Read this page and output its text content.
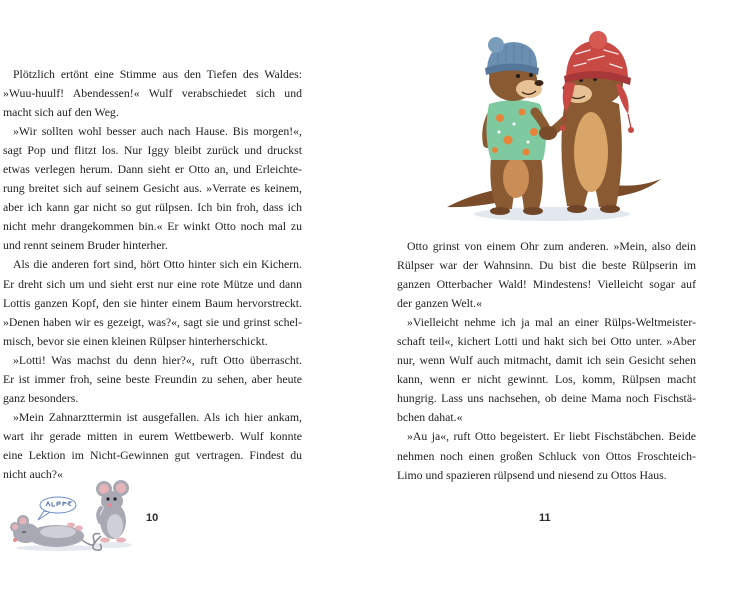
Plötzlich ertönt eine Stimme aus den Tiefen des Waldes:
»Wuu-huulf! Abendessen!« Wulf verabschiedet sich und
macht sich auf den Weg.
»Wir sollten wohl besser auch nach Hause. Bis morgen!«,
sagt Pop und flitzt los. Nur Iggy bleibt zurück und druckst
etwas verlegen herum. Dann sieht er Otto an, und Erleichte-
rung breitet sich auf seinem Gesicht aus. »Verrate es keinem,
aber ich kann gar nicht so gut rülpsen. Ich bin froh, dass ich
nicht mehr drangekommen bin.« Er winkt Otto noch mal zu
und rennt seinem Bruder hinterher.
Als die anderen fort sind, hört Otto hinter sich ein Kichern.
Er dreht sich um und sieht erst nur eine rote Mütze und dann
Lottis ganzen Kopf, den sie hinter einem Baum hervorstreckt.
»Denen haben wir es gezeigt, was?«, sagt sie und grinst schel-
misch, bevor sie einen kleinen Rülpser hinterherschickt.
»Lotti! Was machst du denn hier?«, ruft Otto überrascht.
Er ist immer froh, seine beste Freundin zu sehen, aber heute
ganz besonders.
»Mein Zahnarzttermin ist ausgefallen. Als ich hier ankam,
wart ihr gerade mitten in eurem Wettbewerb. Wulf konnte
eine Lektion im Nicht-Gewinnen gut vertragen. Findest du
nicht auch?«
Otto grinst von einem Ohr zum anderen. »Mein, also dein
Rülpser war der Wahnsinn. Du bist die beste Rülpserin im
ganzen Otterbacher Wald! Mindestens! Vielleicht sogar auf
der ganzen Welt.«
»Vielleicht nehme ich ja mal an einer Rülps-Weltmeister-
schaft teil«, kichert Lotti und hakt sich bei Otto unter. »Aber
nur, wenn Wulf auch mitmacht, damit ich sein Gesicht sehen
kann, wenn er nicht gewinnt. Los, komm, Rülpsen macht
hungrig. Lass uns nachsehen, ob deine Mama noch Fischstä-
bchen dahat.«
»Au ja«, ruft Otto begeistert. Er liebt Fischstäbchen. Beide
nehmen noch einen großen Schluck von Ottos Froschteich-
Limo und spazieren rülpsend und niesend zu Ottos Haus.
10	11
